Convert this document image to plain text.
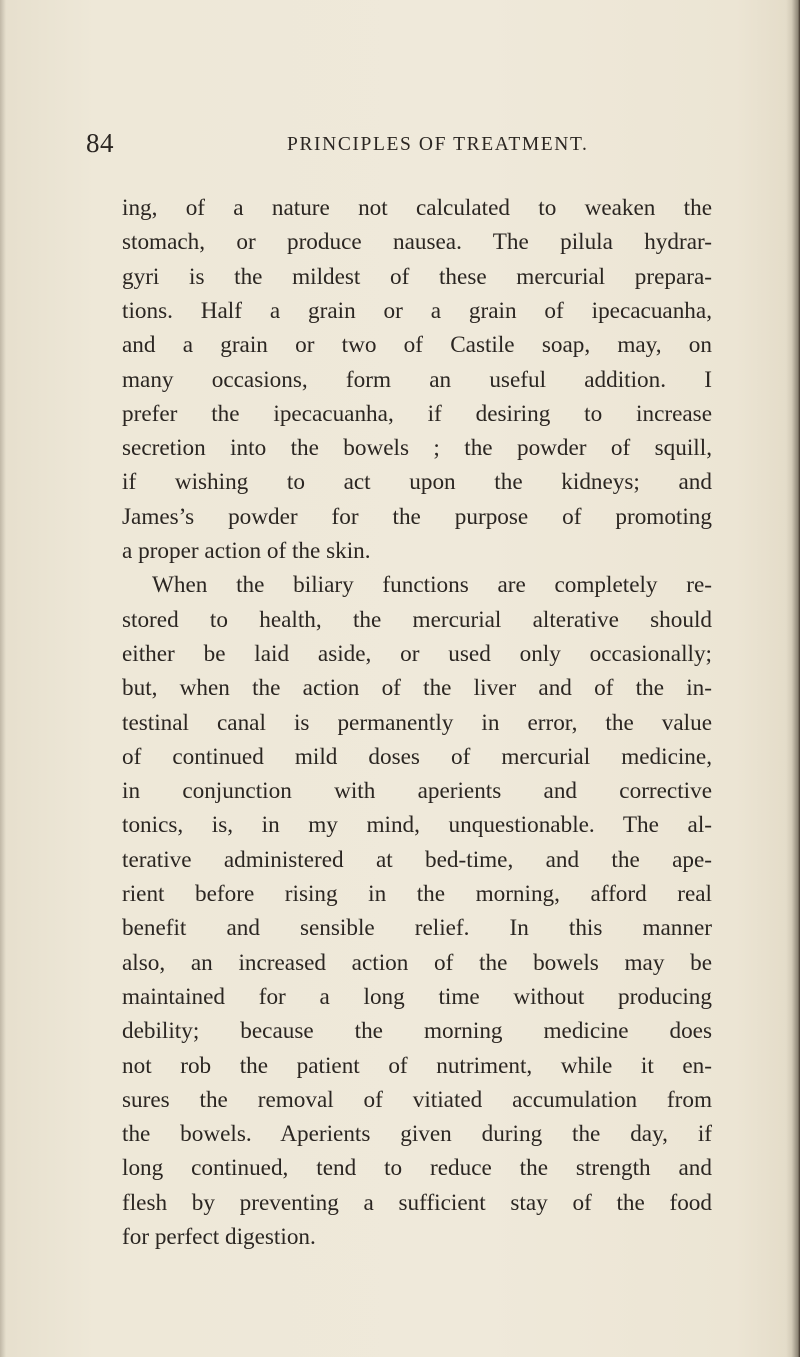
84	PRINCIPLES OF TREATMENT.
ing, of a nature not calculated to weaken the
stomach, or produce nausea. The pilula hydrar-
gyri is the mildest of these mercurial prepara-
tions. Half a grain or a grain of ipecacuanha,
and a grain or two of Castile soap, may, on
many occasions, form an useful addition. I
prefer the ipecacuanha, if desiring to increase
secretion into the bowels ; the powder of squill,
if wishing to act upon the kidneys; and
James’s powder for the purpose of promoting
a proper action of the skin.
When the biliary functions are completely re-
stored to health, the mercurial alterative should
either be laid aside, or used only occasionally;
but, when the action of the liver and of the in-
testinal canal is permanently in error, the value
of continued mild doses of mercurial medicine,
in conjunction with aperients and corrective
tonics, is, in my mind, unquestionable. The al-
terative administered at bed-time, and the ape-
rient before rising in the morning, afford real
benefit and sensible relief. In this manner
also, an increased action of the bowels may be
maintained for a long time without producing
debility; because the morning medicine does
not rob the patient of nutriment, while it en-
sures the removal of vitiated accumulation from
the bowels. Aperients given during the day, if
long continued, tend to reduce the strength and
flesh by preventing a sufficient stay of the food
for perfect digestion.
